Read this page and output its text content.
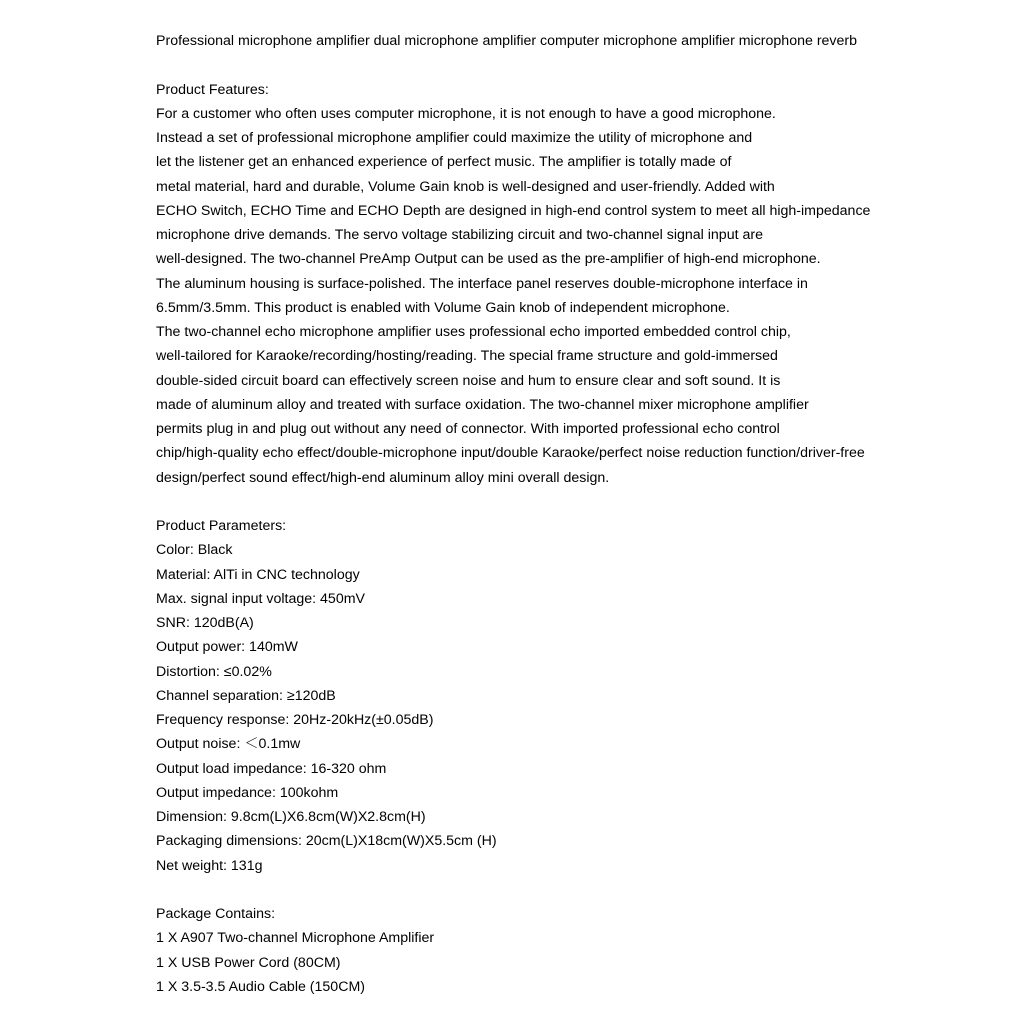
Professional microphone amplifier dual microphone amplifier computer microphone amplifier microphone reverb
Product Features:
For a customer who often uses computer microphone, it is not enough to have a good microphone.
Instead a set of professional microphone amplifier could maximize the utility of microphone and
let the listener get an enhanced experience of perfect music. The amplifier is totally made of
metal material, hard and durable, Volume Gain knob is well-designed and user-friendly. Added with
ECHO Switch, ECHO Time and ECHO Depth are designed in high-end control system to meet all high-impedance
microphone drive demands. The servo voltage stabilizing circuit and two-channel signal input are
well-designed. The two-channel PreAmp Output can be used as the pre-amplifier of high-end microphone.
The aluminum housing is surface-polished. The interface panel reserves double-microphone interface in
6.5mm/3.5mm. This product is enabled with Volume Gain knob of independent microphone.
The two-channel echo microphone amplifier uses professional echo imported embedded control chip,
well-tailored for Karaoke/recording/hosting/reading. The special frame structure and gold-immersed
double-sided circuit board can effectively screen noise and hum to ensure clear and soft sound. It is
made of aluminum alloy and treated with surface oxidation. The two-channel mixer microphone amplifier
permits plug in and plug out without any need of connector. With imported professional echo control
chip/high-quality echo effect/double-microphone input/double Karaoke/perfect noise reduction function/driver-free
design/perfect sound effect/high-end aluminum alloy mini overall design.
Product Parameters:
Color: Black
Material: AlTi in CNC technology
Max. signal input voltage: 450mV
SNR: 120dB(A)
Output power: 140mW
Distortion: ≤0.02%
Channel separation: ≥120dB
Frequency response: 20Hz-20kHz(±0.05dB)
Output noise: ＜0.1mw
Output load impedance: 16-320 ohm
Output impedance: 100kohm
Dimension: 9.8cm(L)X6.8cm(W)X2.8cm(H)
Packaging dimensions: 20cm(L)X18cm(W)X5.5cm (H)
Net weight: 131g
Package Contains:
1 X A907 Two-channel Microphone Amplifier
1 X USB Power Cord (80CM)
1 X 3.5-3.5 Audio Cable (150CM)
